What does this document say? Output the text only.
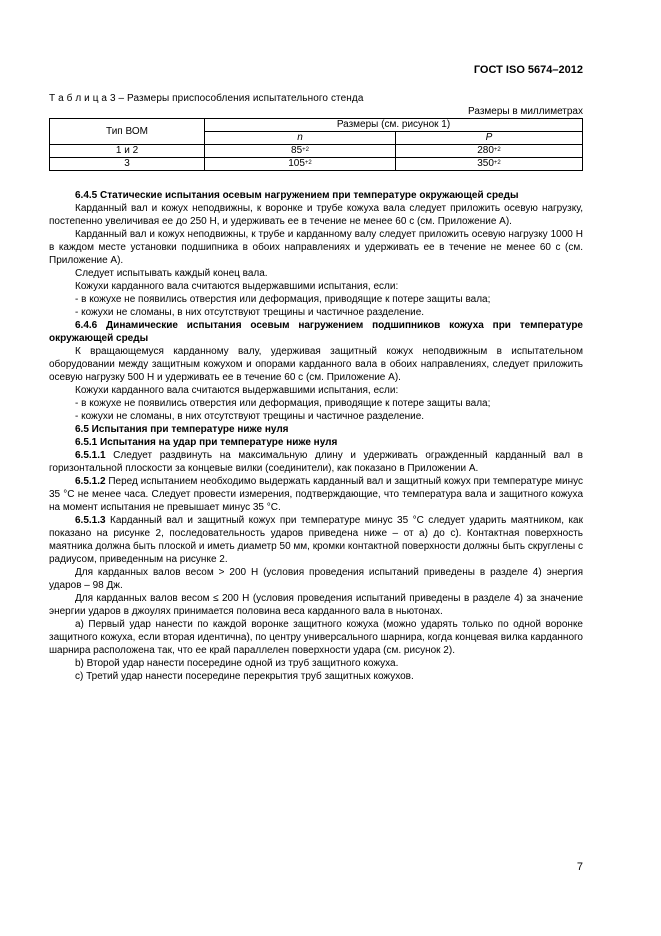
ГОСТ ISO 5674–2012
Т а б л и ц а 3 – Размеры приспособления испытательного стенда
Размеры в миллиметрах
Тип ВОМ	Размеры (см. рисунок 1)	
	n	P
1 и 2	$85^{+2}$	$280^{+2}$
3	$105^{+2}$	$350^{+2}$

6.4.5 Статические испытания осевым нагружением при температуре окружающей среды

Карданный вал и кожух неподвижны, к воронке и трубе кожуха вала следует приложить осевую нагрузку, постепенно увеличивая ее до 250 Н, и удерживать ее в течение не менее 60 с (см. Приложение А).

Карданный вал и кожух неподвижны, к трубе и карданному валу следует приложить осевую нагрузку 1000 Н в каждом месте установки подшипника в обоих направлениях и удерживать ее в течение не менее 60 с (см. Приложение А).

Следует испытывать каждый конец вала.

Кожухи карданного вала считаются выдержавшими испытания, если:

- в кожухе не появились отверстия или деформация, приводящие к потере защиты вала;

- кожухи не сломаны, в них отсутствуют трещины и частичное разделение.

6.4.6 Динамические испытания осевым нагружением подшипников кожуха при температуре окружающей среды

К вращающемуся карданному валу, удерживая защитный кожух неподвижным в испытательном оборудовании между защитным кожухом и опорами карданного вала в обоих направлениях, следует приложить осевую нагрузку 500 Н и удерживать ее в течение 60 с (см. Приложение А).

Кожухи карданного вала считаются выдержавшими испытания, если:

- в кожухе не появились отверстия или деформация, приводящие к потере защиты вала;

- кожухи не сломаны, в них отсутствуют трещины и частичное разделение.

6.5 Испытания при температуре ниже нуля

6.5.1 Испытания на удар при температуре ниже нуля

6.5.1.1 Следует раздвинуть на максимальную длину и удерживать огражденный карданный вал в горизонтальной плоскости за концевые вилки (соединители), как показано в Приложении А.

6.5.1.2 Перед испытанием необходимо выдержать карданный вал и защитный кожух при температуре минус 35 °С не менее часа. Следует провести измерения, подтверждающие, что температура вала и защитного кожуха на момент испытания не превышает минус 35 °С.

6.5.1.3 Карданный вал и защитный кожух при температуре минус 35 °С следует ударить маятником, как показано на рисунке 2, последовательность ударов приведена ниже – от а) до с). Контактная поверхность маятника должна быть плоской и иметь диаметр 50 мм, кромки контактной поверхности должны быть скруглены с радиусом, приведенным на рисунке 2.

Для карданных валов весом > 200 Н (условия проведения испытаний приведены в разделе 4) энергия ударов – 98 Дж.

Для карданных валов весом ≤ 200 Н (условия проведения испытаний приведены в разделе 4) за значение энергии ударов в джоулях принимается половина веса карданного вала в ньютонах.

a) Первый удар нанести по каждой воронке защитного кожуха (можно ударять только по одной воронке защитного кожуха, если вторая идентична), по центру универсального шарнира, когда концевая вилка карданного шарнира расположена так, что ее край параллелен поверхности удара (см. рисунок 2).

b) Второй удар нанести посередине одной из труб защитного кожуха.

c) Третий удар нанести посередине перекрытия труб защитных кожухов.

7
